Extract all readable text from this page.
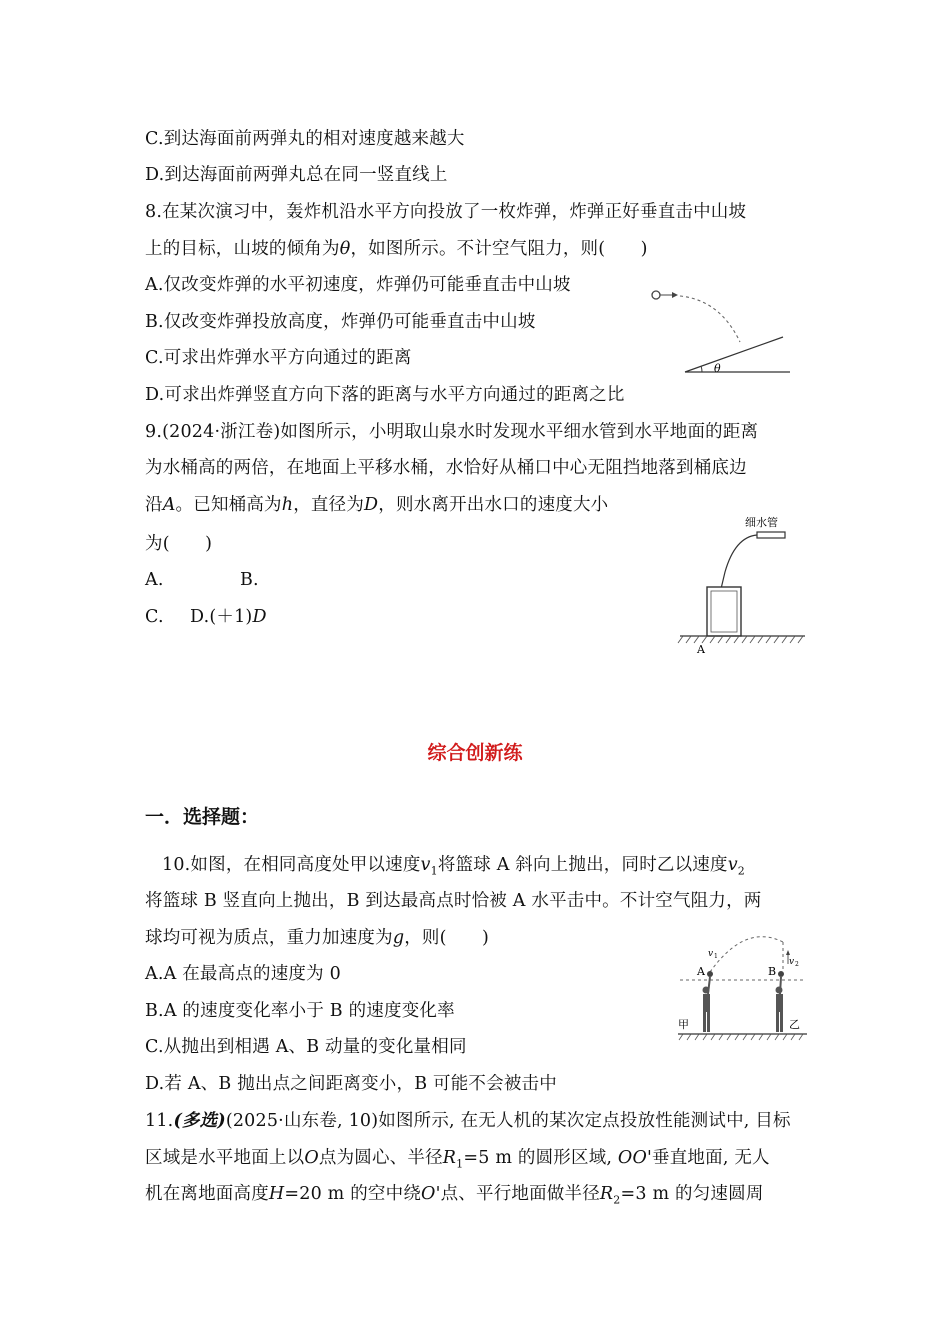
C.到达海面前两弹丸的相对速度越来越大
D.到达海面前两弹丸总在同一竖直线上
8.在某次演习中，轰炸机沿水平方向投放了一枚炸弹，炸弹正好垂直击中山坡
上的目标，山坡的倾角为θ，如图所示。不计空气阻力，则(　　)
A.仅改变炸弹的水平初速度，炸弹仍可能垂直击中山坡
B.仅改变炸弹投放高度，炸弹仍可能垂直击中山坡
C.可求出炸弹水平方向通过的距离
D.可求出炸弹竖直方向下落的距离与水平方向通过的距离之比
θ
9.(2024·浙江卷)如图所示，小明取山泉水时发现水平细水管到水平地面的距离
为水桶高的两倍，在地面上平移水桶，水恰好从桶口中心无阻挡地落到桶底边
沿A。已知桶高为h，直径为D，则水离开出水口的速度大小
为(　　)
A.	B.
C. D.(＋1)D
细水管
A
综合创新练
一．选择题：
10.如图，在相同高度处甲以速度$v_1$将篮球 A 斜向上抛出，同时乙以速度$v_2$
将篮球 B 竖直向上抛出，B 到达最高点时恰被 A 水平击中。不计空气阻力，两
球均可视为质点，重力加速度为g，则(　　)
A.A 在最高点的速度为 0
B.A 的速度变化率小于 B 的速度变化率
C.从抛出到相遇 A、B 动量的变化量相同
D.若 A、B 抛出点之间距离变小，B 可能不会被击中
v 1
v 2
A	B
甲	乙
11.(多选)(2025·山东卷, 10)如图所示, 在无人机的某次定点投放性能测试中, 目标
区域是水平地面上以O点为圆心、半径$R_1=5$ m 的圆形区域, OO'垂直地面, 无人
机在离地面高度H=20 m 的空中绕O'点、平行地面做半径$R_2=3$ m 的匀速圆周
